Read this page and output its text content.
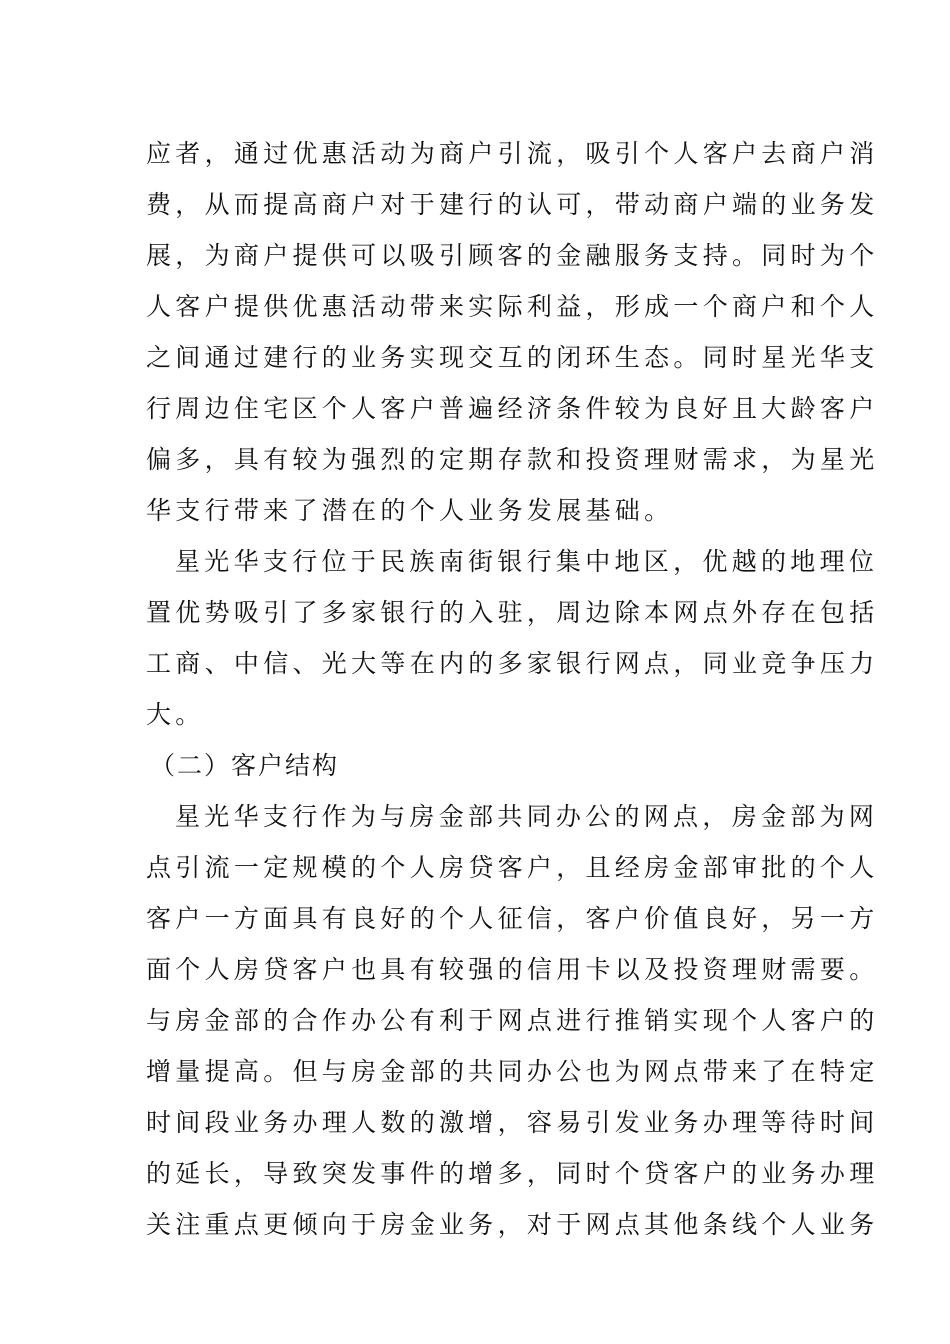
应者，通过优惠活动为商户引流，吸引个人客户去商户消
费，从而提高商户对于建行的认可，带动商户端的业务发
展，为商户提供可以吸引顾客的金融服务支持。同时为个
人客户提供优惠活动带来实际利益，形成一个商户和个人
之间通过建行的业务实现交互的闭环生态。同时星光华支
行周边住宅区个人客户普遍经济条件较为良好且大龄客户
偏多，具有较为强烈的定期存款和投资理财需求，为星光
华支行带来了潜在的个人业务发展基础。
星光华支行位于民族南街银行集中地区，优越的地理位
置优势吸引了多家银行的入驻，周边除本网点外存在包括
工商、中信、光大等在内的多家银行网点，同业竞争压力
大。
（二）客户结构
星光华支行作为与房金部共同办公的网点，房金部为网
点引流一定规模的个人房贷客户，且经房金部审批的个人
客户一方面具有良好的个人征信，客户价值良好，另一方
面个人房贷客户也具有较强的信用卡以及投资理财需要。
与房金部的合作办公有利于网点进行推销实现个人客户的
增量提高。但与房金部的共同办公也为网点带来了在特定
时间段业务办理人数的激增，容易引发业务办理等待时间
的延长，导致突发事件的增多，同时个贷客户的业务办理
关注重点更倾向于房金业务，对于网点其他条线个人业务
